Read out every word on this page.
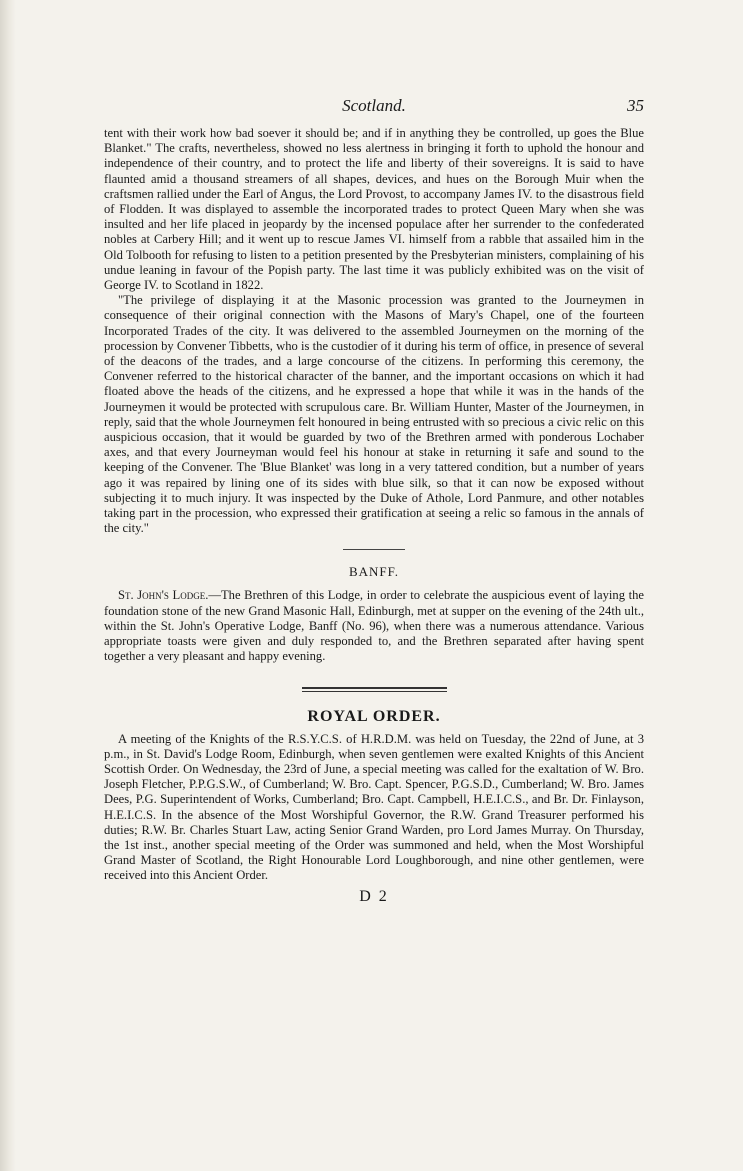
Scotland.	35

tent with their work how bad soever it should be; and if in anything they be controlled, up goes the Blue Blanket." The crafts, nevertheless, showed no less alertness in bringing it forth to uphold the honour and independence of their country, and to protect the life and liberty of their sovereigns. It is said to have flaunted amid a thousand streamers of all shapes, devices, and hues on the Borough Muir when the craftsmen rallied under the Earl of Angus, the Lord Provost, to accompany James IV. to the disastrous field of Flodden. It was displayed to assemble the incorporated trades to protect Queen Mary when she was insulted and her life placed in jeopardy by the incensed populace after her surrender to the confederated nobles at Carbery Hill; and it went up to rescue James VI. himself from a rabble that assailed him in the Old Tolbooth for refusing to listen to a petition presented by the Presbyterian ministers, complaining of his undue leaning in favour of the Popish party. The last time it was publicly exhibited was on the visit of George IV. to Scotland in 1822.

"The privilege of displaying it at the Masonic procession was granted to the Journeymen in consequence of their original connection with the Masons of Mary's Chapel, one of the fourteen Incorporated Trades of the city. It was delivered to the assembled Journeymen on the morning of the procession by Convener Tibbetts, who is the custodier of it during his term of office, in presence of several of the deacons of the trades, and a large concourse of the citizens. In performing this ceremony, the Convener referred to the historical character of the banner, and the important occasions on which it had floated above the heads of the citizens, and he expressed a hope that while it was in the hands of the Journeymen it would be protected with scrupulous care. Br. William Hunter, Master of the Journeymen, in reply, said that the whole Journeymen felt honoured in being entrusted with so precious a civic relic on this auspicious occasion, that it would be guarded by two of the Brethren armed with ponderous Lochaber axes, and that every Journeyman would feel his honour at stake in returning it safe and sound to the keeping of the Convener. The 'Blue Blanket' was long in a very tattered condition, but a number of years ago it was repaired by lining one of its sides with blue silk, so that it can now be exposed without subjecting it to much injury. It was inspected by the Duke of Athole, Lord Panmure, and other notables taking part in the procession, who expressed their gratification at seeing a relic so famous in the annals of the city."

BANFF.

St. John's Lodge.—The Brethren of this Lodge, in order to celebrate the auspicious event of laying the foundation stone of the new Grand Masonic Hall, Edinburgh, met at supper on the evening of the 24th ult., within the St. John's Operative Lodge, Banff (No. 96), when there was a numerous attendance. Various appropriate toasts were given and duly responded to, and the Brethren separated after having spent together a very pleasant and happy evening.

ROYAL ORDER.

A meeting of the Knights of the R.S.Y.C.S. of H.R.D.M. was held on Tuesday, the 22nd of June, at 3 p.m., in St. David's Lodge Room, Edinburgh, when seven gentlemen were exalted Knights of this Ancient Scottish Order. On Wednesday, the 23rd of June, a special meeting was called for the exaltation of W. Bro. Joseph Fletcher, P.P.G.S.W., of Cumberland; W. Bro. Capt. Spencer, P.G.S.D., Cumberland; W. Bro. James Dees, P.G. Superintendent of Works, Cumberland; Bro. Capt. Campbell, H.E.I.C.S., and Br. Dr. Finlayson, H.E.I.C.S. In the absence of the Most Worshipful Governor, the R.W. Grand Treasurer performed his duties; R.W. Br. Charles Stuart Law, acting Senior Grand Warden, pro Lord James Murray. On Thursday, the 1st inst., another special meeting of the Order was summoned and held, when the Most Worshipful Grand Master of Scotland, the Right Honourable Lord Loughborough, and nine other gentlemen, were received into this Ancient Order.

D 2
